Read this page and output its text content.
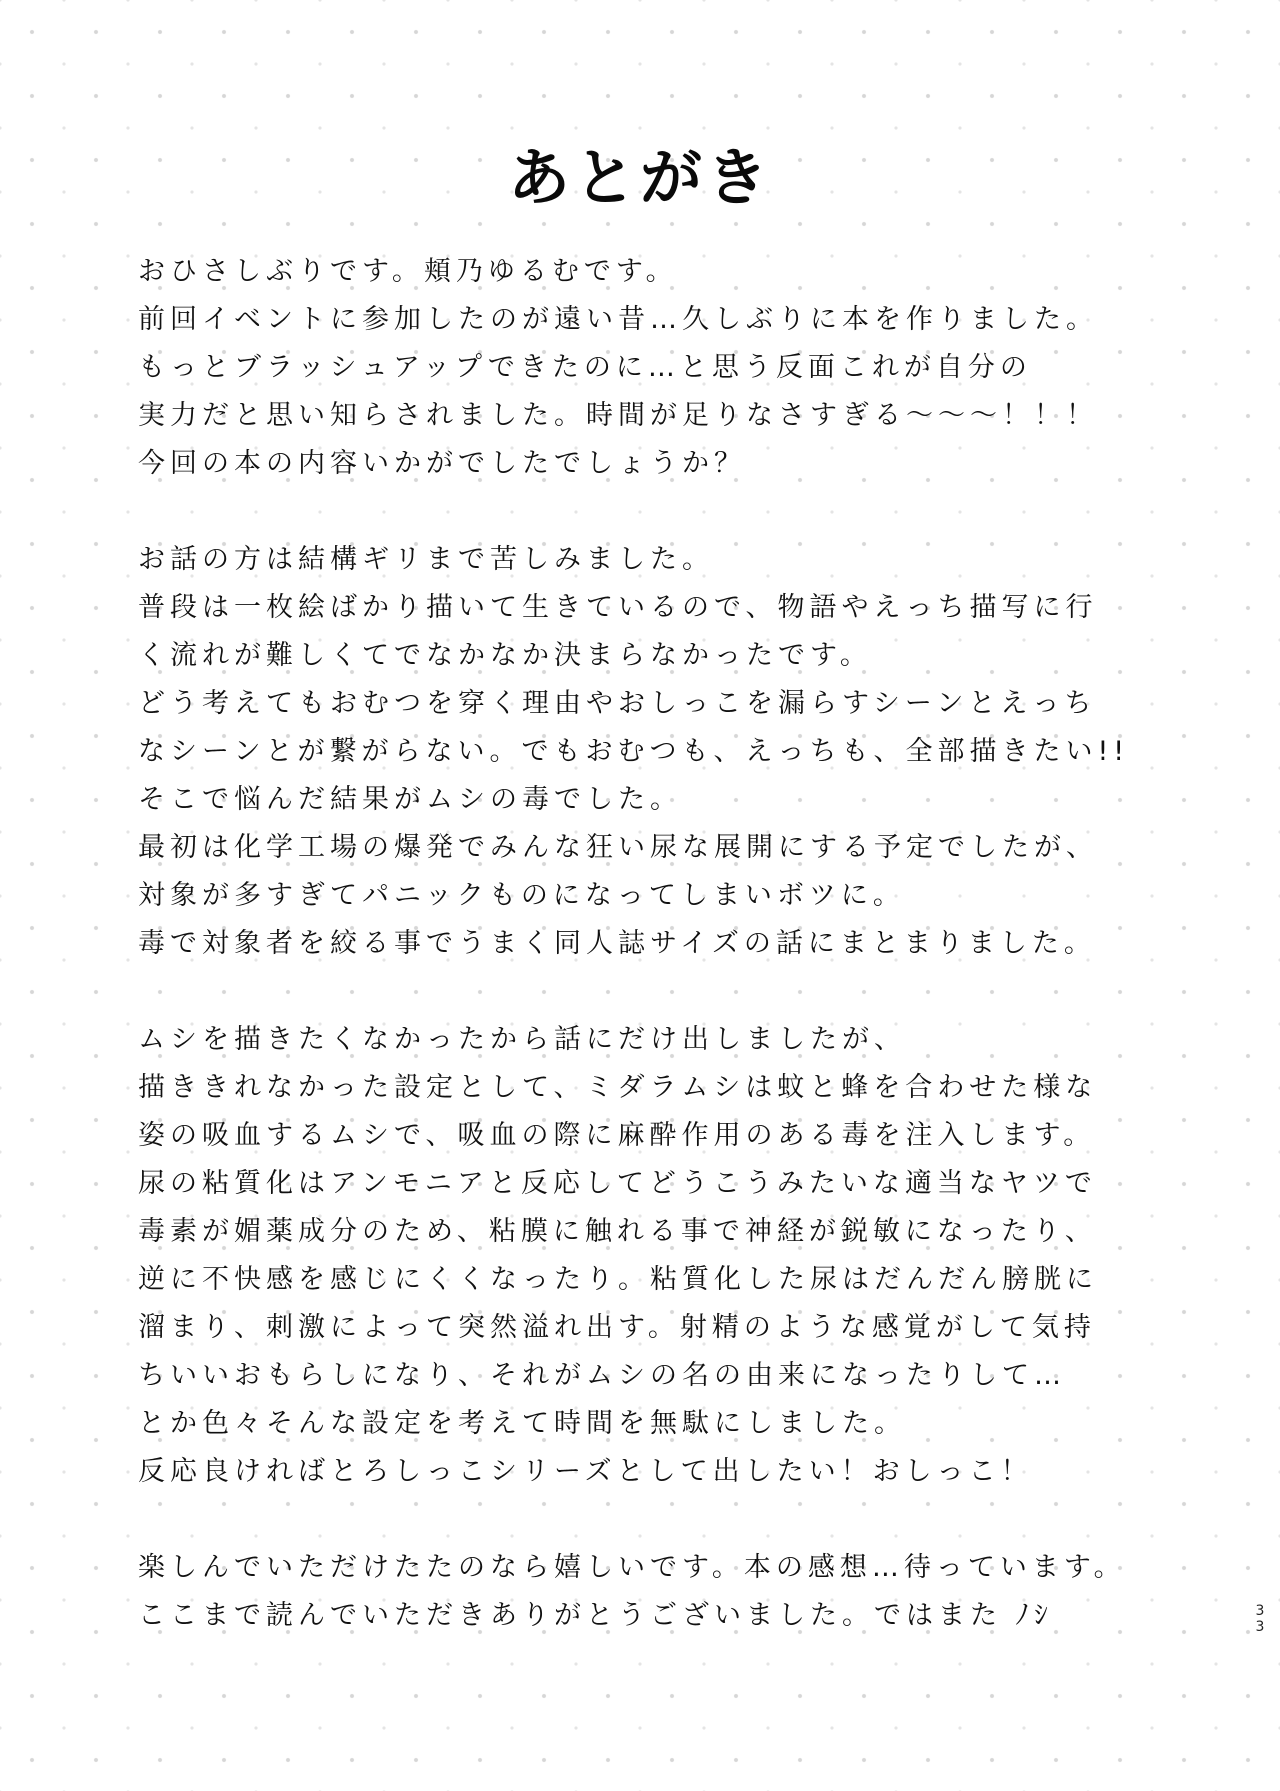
あとがき
おひさしぶりです。頬乃ゆるむです。
前回イベントに参加したのが遠い昔…久しぶりに本を作りました。
もっとブラッシュアップできたのに…と思う反面これが自分の
実力だと思い知らされました。時間が足りなさすぎる〜〜〜！！！
今回の本の内容いかがでしたでしょうか？
お話の方は結構ギリまで苦しみました。
普段は一枚絵ばかり描いて生きているので、物語やえっち描写に行
く流れが難しくてでなかなか決まらなかったです。
どう考えてもおむつを穿く理由やおしっこを漏らすシーンとえっち
なシーンとが繋がらない。でもおむつも、えっちも、全部描きたい!!
そこで悩んだ結果がムシの毒でした。
最初は化学工場の爆発でみんな狂い尿な展開にする予定でしたが、
対象が多すぎてパニックものになってしまいボツに。
毒で対象者を絞る事でうまく同人誌サイズの話にまとまりました。
ムシを描きたくなかったから話にだけ出しましたが、
描ききれなかった設定として、ミダラムシは蚊と蜂を合わせた様な
姿の吸血するムシで、吸血の際に麻酔作用のある毒を注入します。
尿の粘質化はアンモニアと反応してどうこうみたいな適当なヤツで
毒素が媚薬成分のため、粘膜に触れる事で神経が鋭敏になったり、
逆に不快感を感じにくくなったり。粘質化した尿はだんだん膀胱に
溜まり、刺激によって突然溢れ出す。射精のような感覚がして気持
ちいいおもらしになり、それがムシの名の由来になったりして…
とか色々そんな設定を考えて時間を無駄にしました。
反応良ければとろしっこシリーズとして出したい！おしっこ！
楽しんでいただけたたのなら嬉しいです。本の感想…待っています。
ここまで読んでいただきありがとうございました。ではまた ﾉｼ	33
